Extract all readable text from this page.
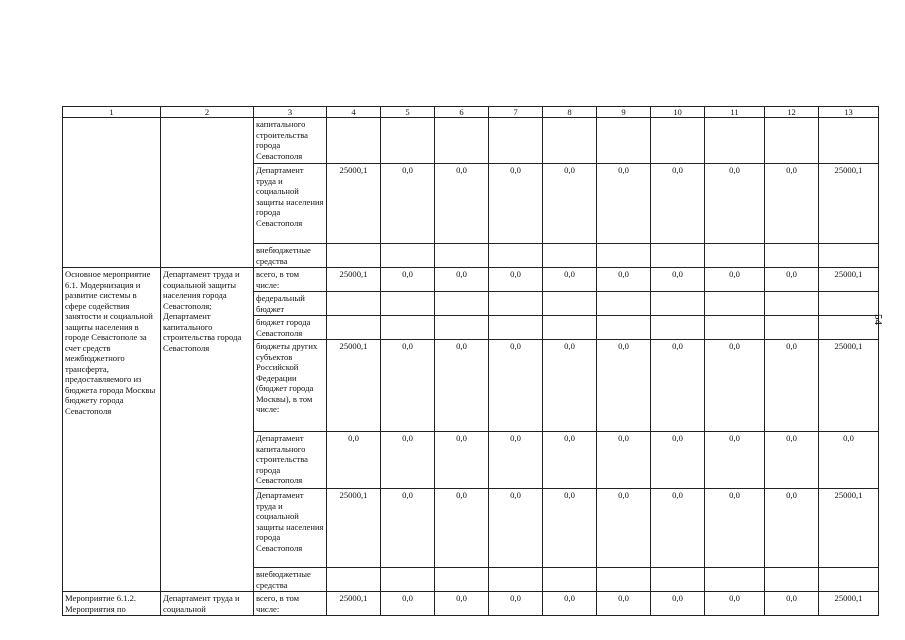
1	2	3	4	5	6	7	8	9	10	11	12	13
		капитального строительства города Севастополя										
		Департамент труда и социальной защиты населения города Севастополя	25000,1	0,0	0,0	0,0	0,0	0,0	0,0	0,0	0,0	25000,1
		внебюджетные средства										
Основное мероприятие 6.1. Модернизация и развитие системы в сфере содействия занятости и социальной защиты населения в городе Севастополе за счет средств межбюджетного трансферта, предоставляемого из бюджета города Москвы бюджету города Севастополя	Департамент труда и социальной защиты населения города Севастополя; Департамент капитального строительства города Севастополя	всего, в том числе:	25000,1	0,0	0,0	0,0	0,0	0,0	0,0	0,0	0,0	25000,1
		федеральный бюджет										
		бюджет города Севастополя										
		бюджеты других субъектов Российской Федерации (бюджет города Москвы), в том числе:	25000,1	0,0	0,0	0,0	0,0	0,0	0,0	0,0	0,0	25000,1
		Департамент капитального строительства города Севастополя	0,0	0,0	0,0	0,0	0,0	0,0	0,0	0,0	0,0	0,0
		Департамент труда и социальной защиты населения города Севастополя	25000,1	0,0	0,0	0,0	0,0	0,0	0,0	0,0	0,0	25000,1
		внебюджетные средства										
Мероприятие 6.1.2. Мероприятия по	Департамент труда и социальной	всего, в том числе:	25000,1	0,0	0,0	0,0	0,0	0,0	0,0	0,0	0,0	25000,1
54
